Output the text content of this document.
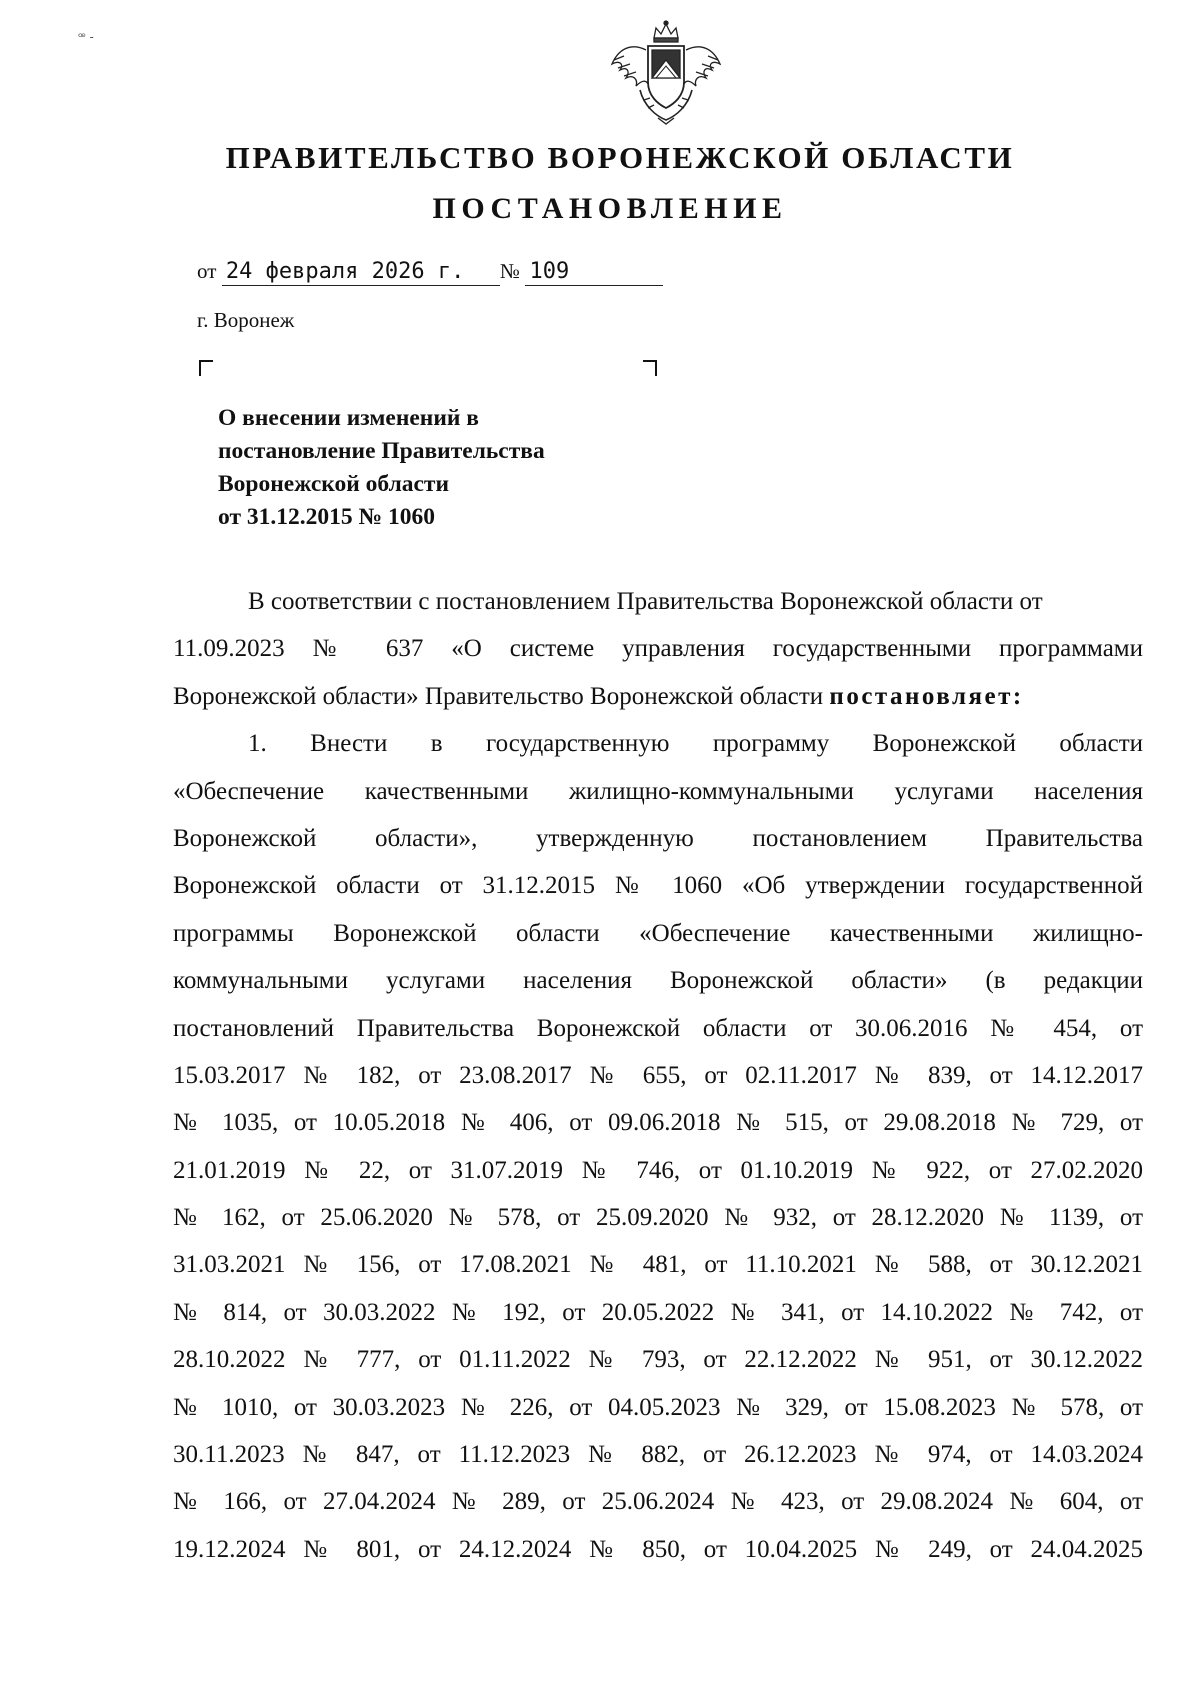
ꟹ -
ПРАВИТЕЛЬСТВО ВОРОНЕЖСКОЙ ОБЛАСТИ
ПОСТАНОВЛЕНИЕ
от 24 февраля 2026 г. № 109
г. Воронеж
О внесении изменений в
постановление Правительства
Воронежской области
от 31.12.2015 № 1060
В соответствии с постановлением Правительства Воронежской области от
11.09.2023 № 637 «О системе управления государственными программами
Воронежской области» Правительство Воронежской области постановляет:
1. Внести в государственную программу Воронежской области
«Обеспечение качественными жилищно-коммунальными услугами населения
Воронежской области», утвержденную постановлением Правительства
Воронежской области от 31.12.2015 № 1060 «Об утверждении государственной
программы Воронежской области «Обеспечение качественными жилищно-
коммунальными услугами населения Воронежской области» (в редакции
постановлений Правительства Воронежской области от 30.06.2016 № 454, от
15.03.2017 № 182, от 23.08.2017 № 655, от 02.11.2017 № 839, от 14.12.2017
№ 1035, от 10.05.2018 № 406, от 09.06.2018 № 515, от 29.08.2018 № 729, от
21.01.2019 № 22, от 31.07.2019 № 746, от 01.10.2019 № 922, от 27.02.2020
№ 162, от 25.06.2020 № 578, от 25.09.2020 № 932, от 28.12.2020 № 1139, от
31.03.2021 № 156, от 17.08.2021 № 481, от 11.10.2021 № 588, от 30.12.2021
№ 814, от 30.03.2022 № 192, от 20.05.2022 № 341, от 14.10.2022 № 742, от
28.10.2022 № 777, от 01.11.2022 № 793, от 22.12.2022 № 951, от 30.12.2022
№ 1010, от 30.03.2023 № 226, от 04.05.2023 № 329, от 15.08.2023 № 578, от
30.11.2023 № 847, от 11.12.2023 № 882, от 26.12.2023 № 974, от 14.03.2024
№ 166, от 27.04.2024 № 289, от 25.06.2024 № 423, от 29.08.2024 № 604, от
19.12.2024 № 801, от 24.12.2024 № 850, от 10.04.2025 № 249, от 24.04.2025
